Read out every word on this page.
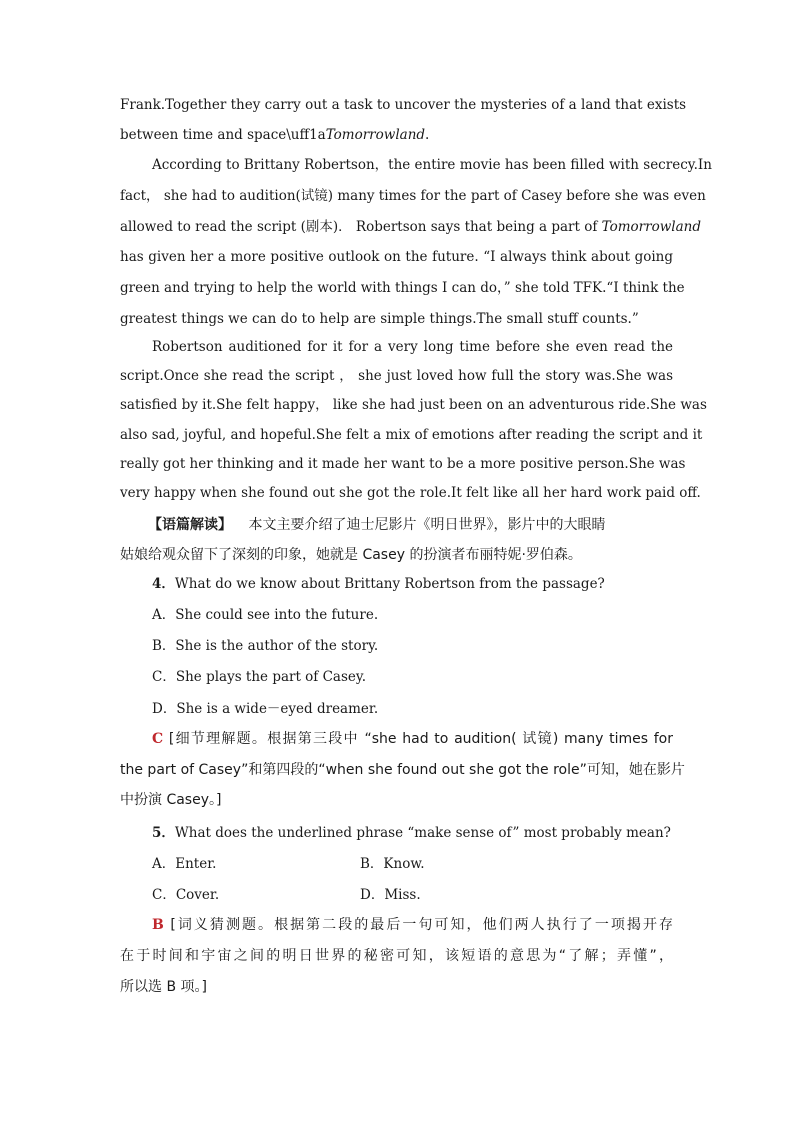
Frank.Together they carry out a task to uncover the mysteries of a land that exists
between time and space\uff1aTomorrowland.
According to Brittany Robertson，the entire movie has been filled with secrecy.In
fact， she had to audition(试镜) many times for the part of Casey before she was even
allowed to read the script (剧本)． Robertson says that being a part of Tomorrowland
has given her a more positive outlook on the future. “I always think about going
green and trying to help the world with things I can do，” she told TFK.“I think the
greatest things we can do to help are simple things.The small stuff counts.”
Robertson auditioned for it for a very long time before she even read the
script.Once she read the script ， she just loved how full the story was.She was
satisfied by it.She felt happy， like she had just been on an adventurous ride.She was
also sad, joyful, and hopeful.She felt a mix of emotions after reading the script and it
really got her thinking and it made her want to be a more positive person.She was
very happy when she found out she got the role.It felt like all her hard work paid off.
【语篇解读】 本文主要介绍了迪士尼影片《明日世界》，影片中的大眼睛
姑娘给观众留下了深刻的印象，她就是 Casey 的扮演者布丽特妮·罗伯森。
4．What do we know about Brittany Robertson from the passage?
A．She could see into the future.
B．She is the author of the story.
C．She plays the part of Casey.
D．She is a wide－eyed dreamer.
C [细节理解题。根据第三段中 “she had to audition( 试镜) many times for
the part of Casey”和第四段的“when she found out she got the role”可知，她在影片
中扮演 Casey。]
5．What does the underlined phrase “make sense of” most probably mean?
A．Enter.	B．Know.
C．Cover.	D．Miss.
B [词义猜测题。根据第二段的最后一句可知，他们两人执行了一项揭开存
在于时间和宇宙之间的明日世界的秘密可知，该短语的意思为“了解；弄懂”，
所以选 B 项。]
